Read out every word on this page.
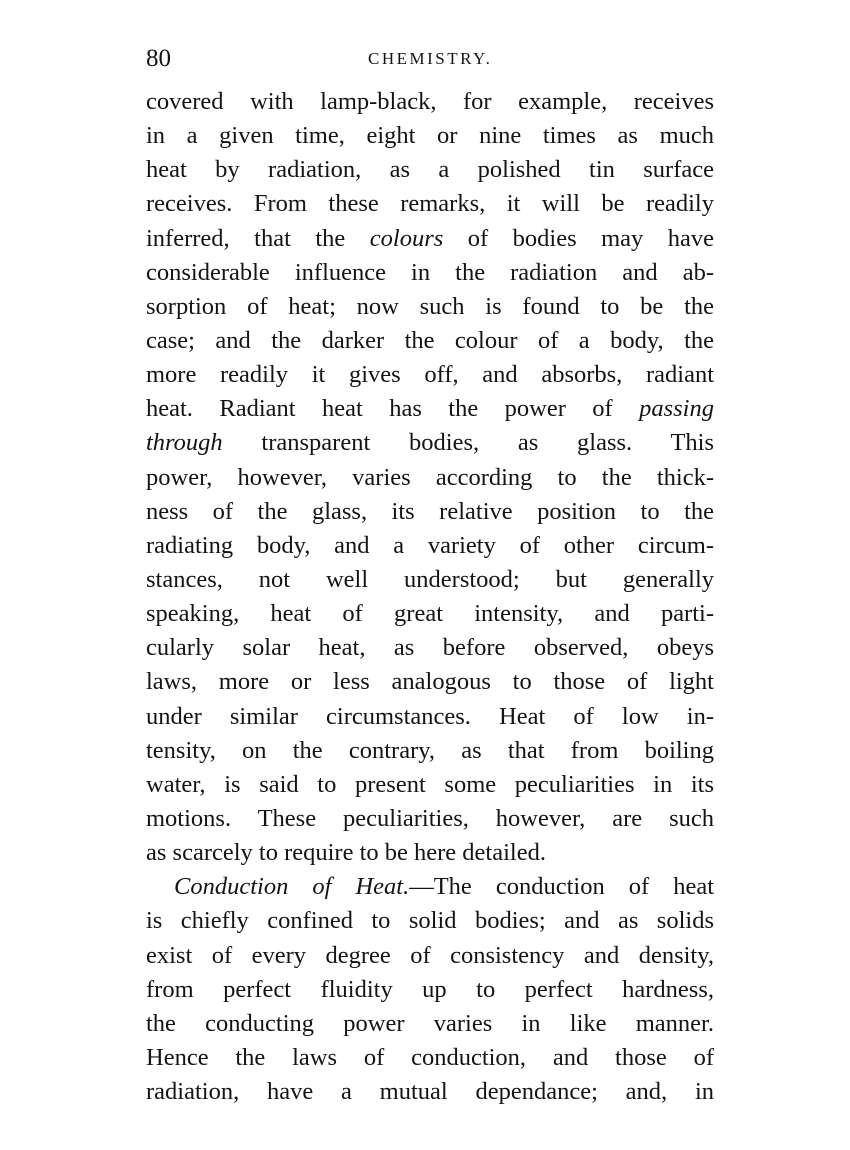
80	CHEMISTRY.
covered with lamp-black, for example, receives
in a given time, eight or nine times as much
heat by radiation, as a polished tin surface
receives. From these remarks, it will be readily
inferred, that the colours of bodies may have
considerable influence in the radiation and ab-
sorption of heat; now such is found to be the
case; and the darker the colour of a body, the
more readily it gives off, and absorbs, radiant
heat. Radiant heat has the power of passing
through transparent bodies, as glass. This
power, however, varies according to the thick-
ness of the glass, its relative position to the
radiating body, and a variety of other circum-
stances, not well understood; but generally
speaking, heat of great intensity, and parti-
cularly solar heat, as before observed, obeys
laws, more or less analogous to those of light
under similar circumstances. Heat of low in-
tensity, on the contrary, as that from boiling
water, is said to present some peculiarities in its
motions. These peculiarities, however, are such
as scarcely to require to be here detailed.
Conduction of Heat.—The conduction of heat
is chiefly confined to solid bodies; and as solids
exist of every degree of consistency and density,
from perfect fluidity up to perfect hardness,
the conducting power varies in like manner.
Hence the laws of conduction, and those of
radiation, have a mutual dependance; and, in
